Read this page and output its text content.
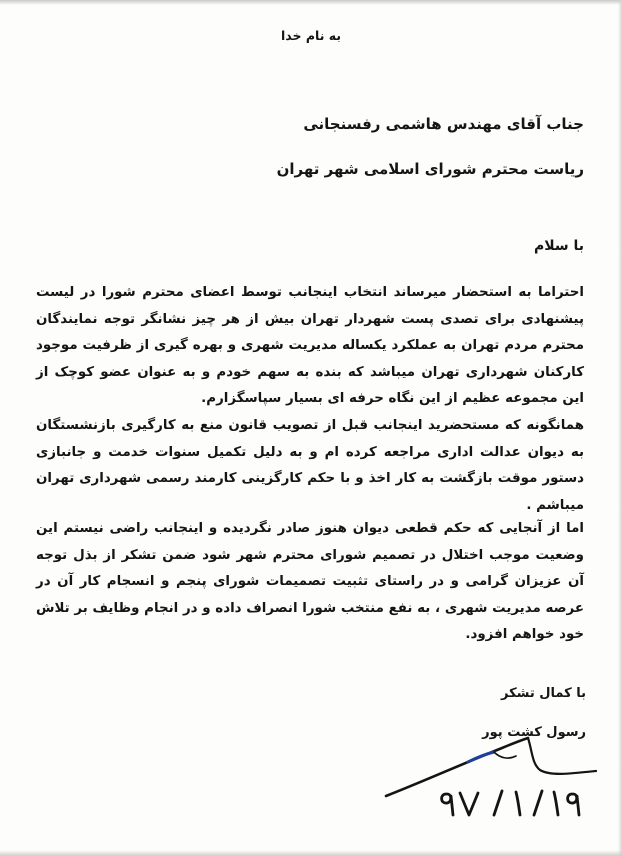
به نام خدا
جناب آقای مهندس هاشمی رفسنجانی
ریاست محترم شورای اسلامی شهر تهران
با سلام
احتراما به استحضار میرساند انتخاب اینجانب توسط اعضای محترم شورا در لیست پیشنهادی برای تصدی پست شهردار تهران بیش از هر چیز نشانگر توجه نمایندگان محترم مردم تهران به عملکرد یکساله مدیریت شهری و بهره گیری از ظرفیت موجود کارکنان شهرداری تهران میباشد که بنده به سهم خودم و به عنوان عضو کوچک از این مجموعه عظیم از این نگاه حرفه ای بسیار سپاسگزارم.
همانگونه که مستحضرید اینجانب قبل از تصویب قانون منع به کارگیری بازنشستگان به دیوان عدالت اداری مراجعه کرده ام و به دلیل تکمیل سنوات خدمت و جانبازی دستور موقت بازگشت به کار اخذ و با حکم کارگزینی کارمند رسمی شهرداری تهران میباشم .
اما از آنجایی که حکم قطعی دیوان هنوز صادر نگردیده و اینجانب راضی نیستم این وضعیت موجب اختلال در تصمیم شورای محترم شهر شود ضمن تشکر از بذل توجه آن عزیزان گرامی و در راستای تثبیت تصمیمات شورای پنجم و انسجام کار آن در عرصه مدیریت شهری ، به نفع منتخب شورا انصراف داده و در انجام وظایف بر تلاش خود خواهم افزود.
با کمال تشکر
رسول کشت پور
